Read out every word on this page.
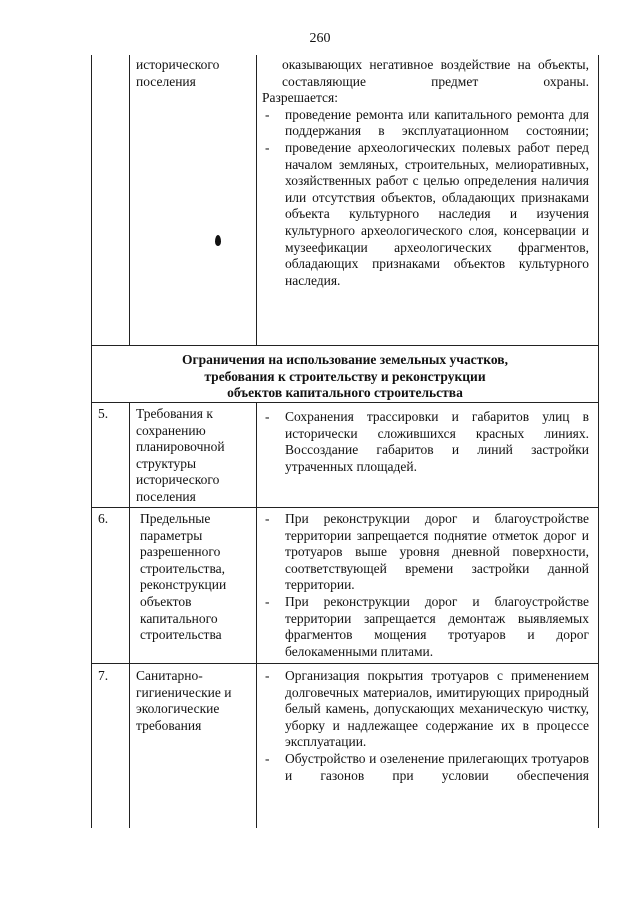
260
исторического поселения
оказывающих негативное воздействие на объекты, составляющие предмет охраны.
Разрешается:
- проведение ремонта или капитального ремонта для поддержания в эксплуатационном состоянии;
- проведение археологических полевых работ перед началом земляных, строительных, мелиоративных, хозяйственных работ с целью определения наличия или отсутствия объектов, обладающих признаками объекта культурного наследия и изучения культурного археологического слоя, консервации и музеефикации археологических фрагментов, обладающих признаками объектов культурного наследия.
Ограничения на использование земельных участков,
требования к строительству и реконструкции
объектов капитального строительства
5. Требования к сохранению планировочной структуры исторического поселения
- Сохранения трассировки и габаритов улиц в исторически сложившихся красных линиях. Воссоздание габаритов и линий застройки утраченных площадей.
6. Предельные параметры разрешенного строительства, реконструкции объектов капитального строительства
- При реконструкции дорог и благоустройстве территории запрещается поднятие отметок дорог и тротуаров выше уровня дневной поверхности, соответствующей времени застройки данной территории.
- При реконструкции дорог и благоустройстве территории запрещается демонтаж выявляемых фрагментов мощения тротуаров и дорог белокаменными плитами.
7. Санитарно-гигиенические и экологические требования
- Организация покрытия тротуаров с применением долговечных материалов, имитирующих природный белый камень, допускающих механическую чистку, уборку и надлежащее содержание их в процессе эксплуатации.
- Обустройство и озеленение прилегающих тротуаров и газонов при условии обеспечения
